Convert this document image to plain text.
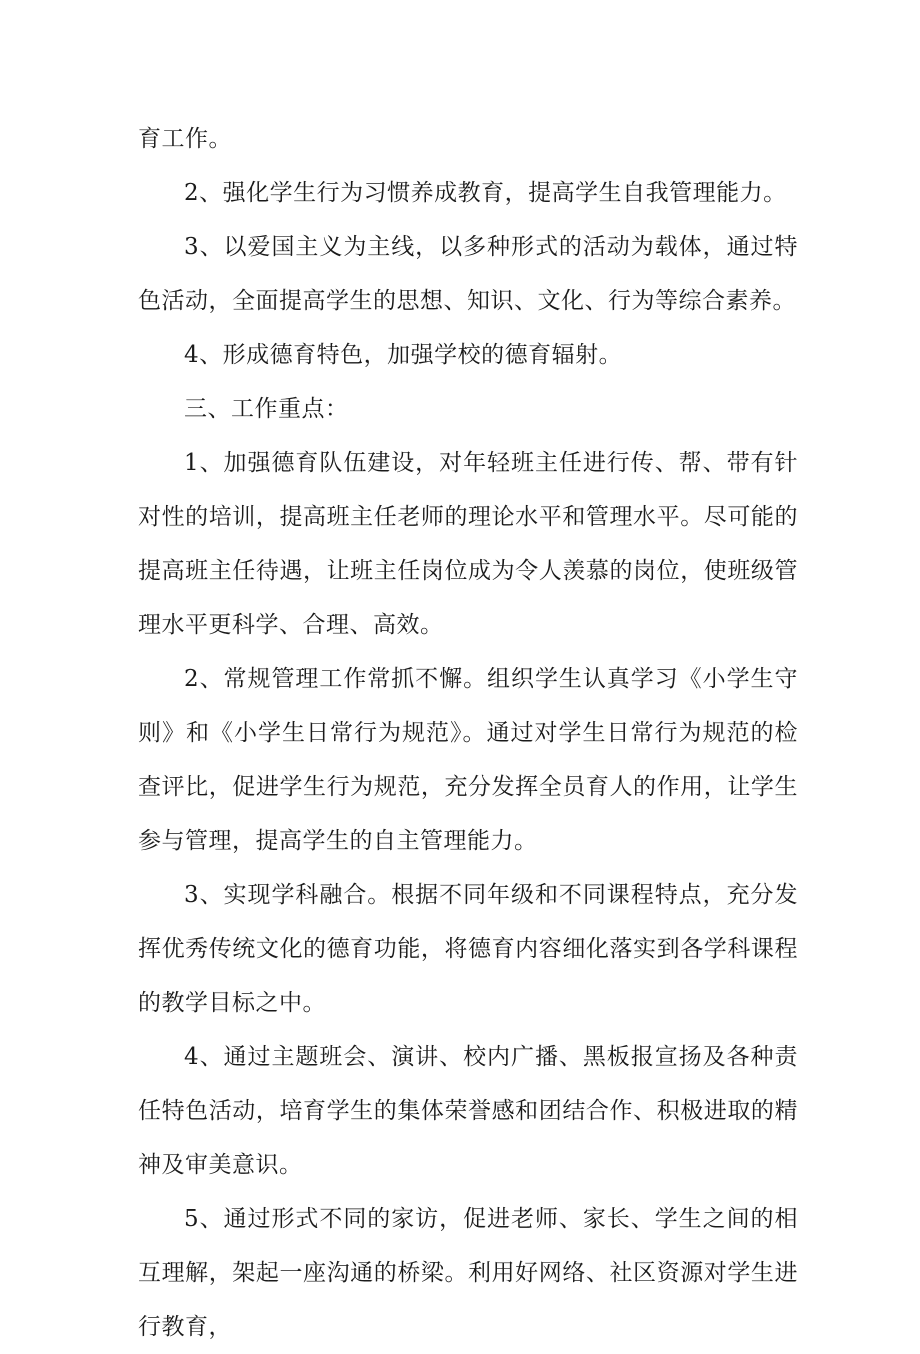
育工作。

2、强化学生行为习惯养成教育，提高学生自我管理能力。

3、以爱国主义为主线，以多种形式的活动为载体，通过特色活动，全面提高学生的思想、知识、文化、行为等综合素养。

4、形成德育特色，加强学校的德育辐射。

三、工作重点：

1、加强德育队伍建设，对年轻班主任进行传、帮、带有针对性的培训，提高班主任老师的理论水平和管理水平。尽可能的提高班主任待遇，让班主任岗位成为令人羡慕的岗位，使班级管理水平更科学、合理、高效。

2、常规管理工作常抓不懈。组织学生认真学习《小学生守则》和《小学生日常行为规范》。通过对学生日常行为规范的检查评比，促进学生行为规范，充分发挥全员育人的作用，让学生参与管理，提高学生的自主管理能力。

3、实现学科融合。根据不同年级和不同课程特点，充分发挥优秀传统文化的德育功能，将德育内容细化落实到各学科课程的教学目标之中。

4、通过主题班会、演讲、校内广播、黑板报宣扬及各种责任特色活动，培育学生的集体荣誉感和团结合作、积极进取的精神及审美意识。

5、通过形式不同的家访，促进老师、家长、学生之间的相互理解，架起一座沟通的桥梁。利用好网络、社区资源对学生进行教育，
